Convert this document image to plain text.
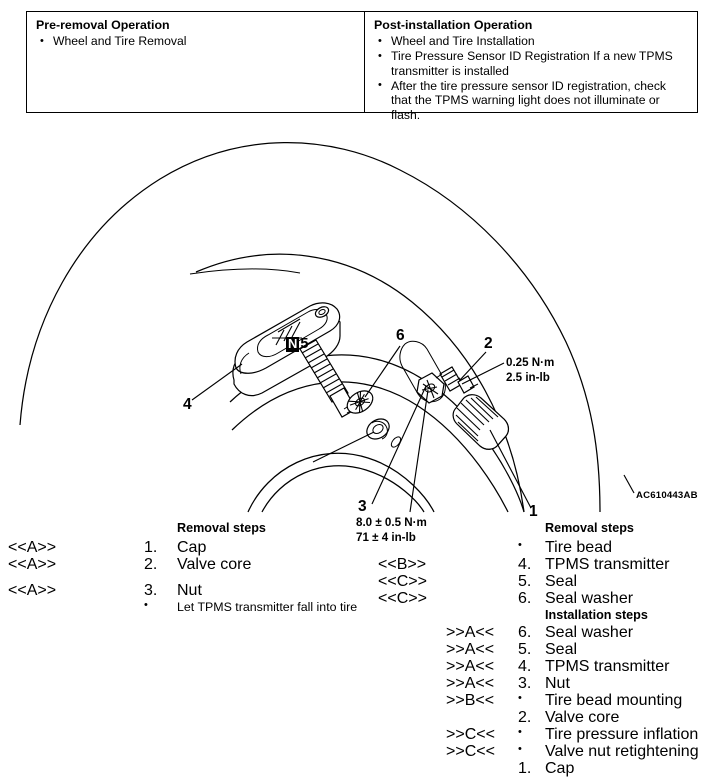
Pre-removal Operation
• Wheel and Tire Removal
Post-installation Operation
• Wheel and Tire Installation
• Tire Pressure Sensor ID Registration If a new TPMS transmitter is installed
• After the tire pressure sensor ID registration, check that the TPMS warning light does not illuminate or flash.
4
6
3
2
1
0.25 N·m
2.5 in-lb
8.0 ± 0.5 N·m
71 ± 4 in-lb
AC610443AB
N 5
Removal steps
<<A>>	1.	Cap
<<A>>	2.	Valve core
<<A>>	3.	Nut
•	Let TPMS transmitter fall into tire
Removal steps
•	Tire bead
<<B>>	4. TPMS transmitter
<<C>>	5. Seal
<<C>>	6. Seal washer
Installation steps
>>A<<	6. Seal washer
>>A<<	5. Seal
>>A<<	4. TPMS transmitter
>>A<<	3. Nut
>>B<<	•	Tire bead mounting
2. Valve core
>>C<<	•	Tire pressure inflation
>>C<<	•	Valve nut retightening
1. Cap
